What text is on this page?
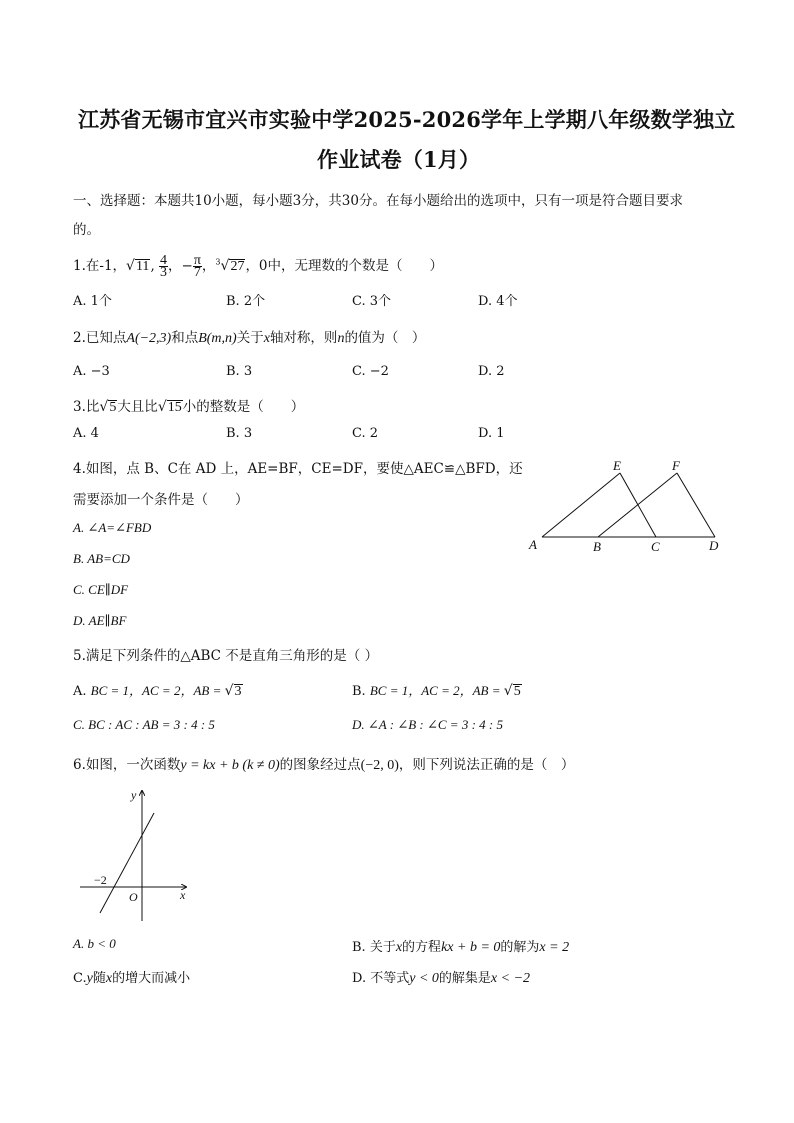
江苏省无锡市宜兴市实验中学2025-2026学年上学期八年级数学独立
作业试卷（1月）
一、选择题：本题共10小题，每小题3分，共30分。在每小题给出的选项中，只有一项是符合题目要求
的。
1.在-1，√11, $\frac{4}{3}$ ，− $\frac{\pi}{7}$ ，$^3$√27，0中，无理数的个数是（　　）
A. 1个	B. 2个	C. 3个	D. 4个
2.已知点A(−2,3)和点B(m,n)关于x轴对称，则n的值为（　）
A. −3	B. 3	C. −2	D. 2
3.比√5大且比√15小的整数是（　　）
A. 4	B. 3	C. 2	D. 1
4.如图，点 B、C在 AD 上，AE=BF，CE=DF，要使△AEC≌△BFD，还
需要添加一个条件是（　　）
A. ∠A=∠FBD
B. AB=CD
C. CE∥DF
D. AE∥BF
A	B	C	D
E	F
5.满足下列条件的△ABC 不是直角三角形的是（ ）
A. BC = 1，AC = 2，AB = √3	B. BC = 1，AC = 2，AB = √5
C. BC : AC : AB = 3 : 4 : 5	D. ∠A : ∠B : ∠C = 3 : 4 : 5
6.如图，一次函数y = kx + b (k ≠ 0)的图象经过点(−2, 0)，则下列说法正确的是（　）
y
x
O
−2
A. b < 0	B. 关于x的方程kx + b = 0的解为x = 2
C.y随x的增大而减小	D. 不等式y < 0的解集是x < −2
